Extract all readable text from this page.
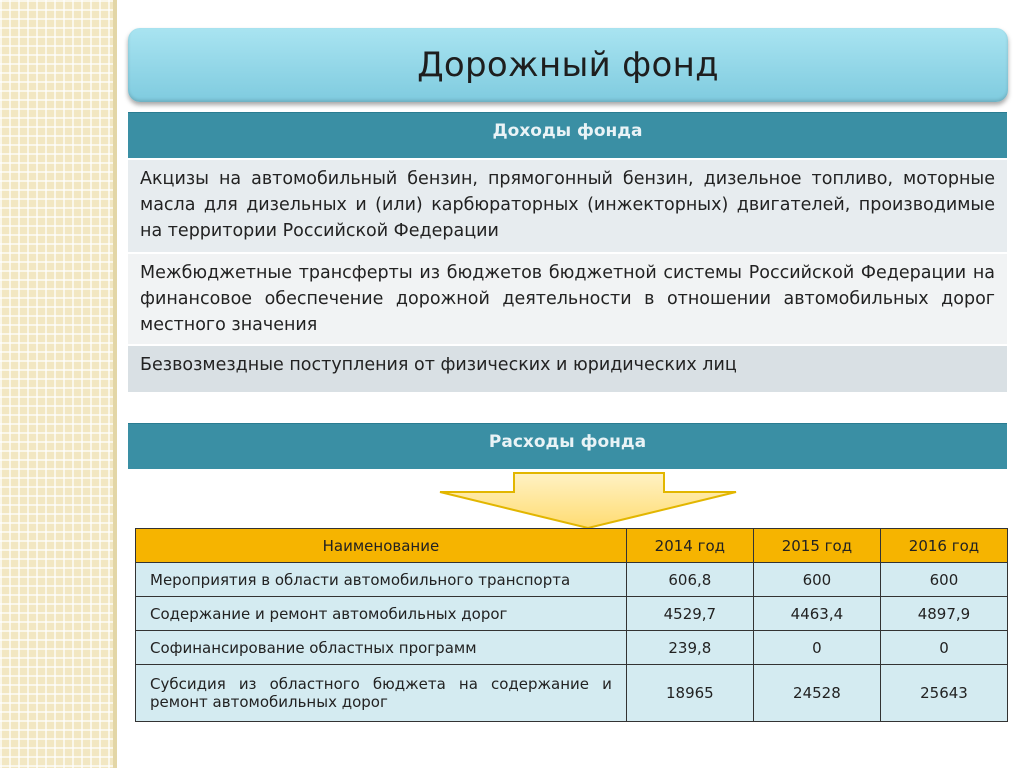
Дорожный фонд
Доходы фонда
Акцизы на автомобильный бензин, прямогонный бензин, дизельное топливо, моторные масла для дизельных и (или) карбюраторных (инжекторных) двигателей, производимые на территории Российской Федерации
Межбюджетные трансферты из бюджетов бюджетной системы Российской Федерации на финансовое обеспечение дорожной деятельности в отношении автомобильных дорог местного значения
Безвозмездные поступления от физических и юридических лиц
Расходы фонда
Наименование	2014 год	2015 год	2016 год
Мероприятия в области автомобильного транспорта	606,8	600	600
Содержание и ремонт автомобильных дорог	4529,7	4463,4	4897,9
Софинансирование областных программ	239,8	0	0
Субсидия из областного бюджета на содержание и ремонт автомобильных дорог	18965	24528	25643
